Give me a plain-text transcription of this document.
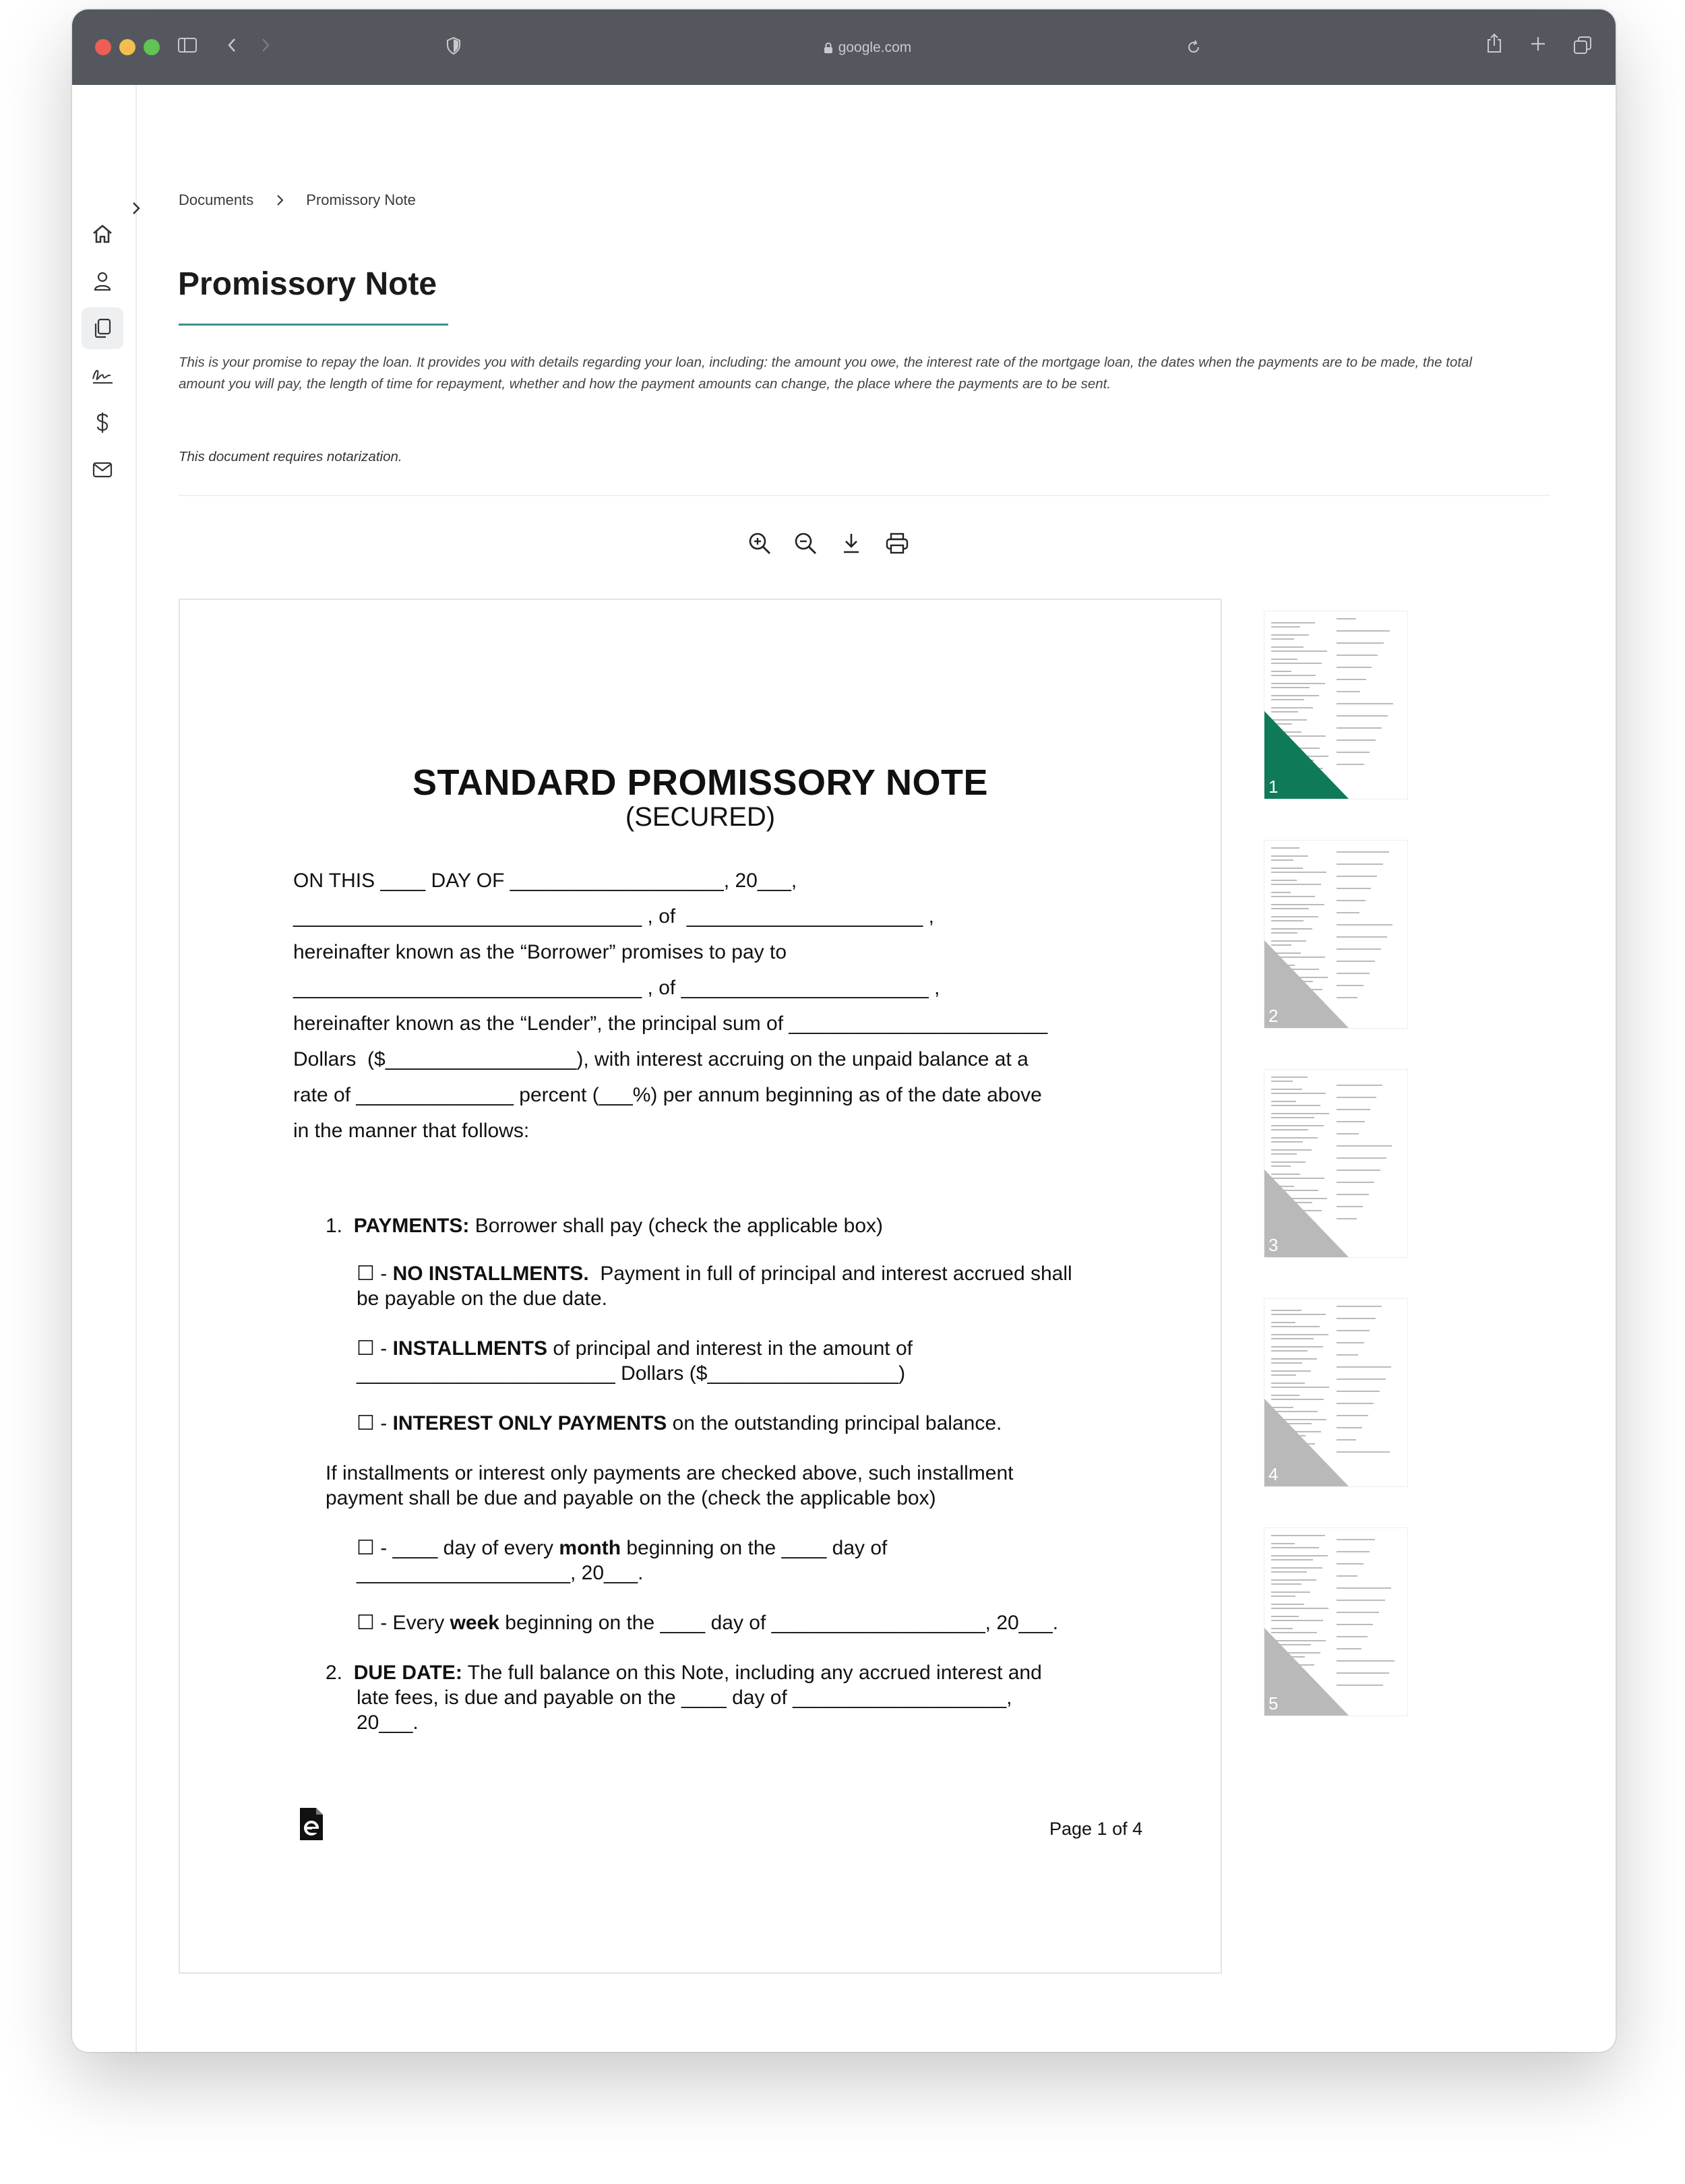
google.com
Documents	Promissory Note
Promissory Note

This is your promise to repay the loan. It provides you with details regarding your loan, including: the amount you owe, the interest rate of the mortgage loan, the dates when the payments are to be made, the total amount you will pay, the length of time for repayment, whether and how the payment amounts can change, the place where the payments are to be sent.

This document requires notarization.

STANDARD PROMISSORY NOTE
(SECURED)
ON THIS ____ DAY OF ___________________, 20___,
_______________________________ , of  _____________________ ,
hereinafter known as the “Borrower” promises to pay to
_______________________________ , of ______________________ ,
hereinafter known as the “Lender”, the principal sum of _______________________
Dollars  ($_________________), with interest accruing on the unpaid balance at a
rate of ______________ percent (___%) per annum beginning as of the date above
in the manner that follows:
1. PAYMENTS: Borrower shall pay (check the applicable box)
☐ - NO INSTALLMENTS.  Payment in full of principal and interest accrued shall
be payable on the due date.
☐ - INSTALLMENTS of principal and interest in the amount of
_______________________ Dollars ($_________________)
☐ - INTEREST ONLY PAYMENTS on the outstanding principal balance.
If installments or interest only payments are checked above, such installment
payment shall be due and payable on the (check the applicable box)
☐ - ____ day of every month beginning on the ____ day of
___________________, 20___.
☐ - Every week beginning on the ____ day of ___________________, 20___.
2. DUE DATE: The full balance on this Note, including any accrued interest and
late fees, is due and payable on the ____ day of ___________________,
20___.
Page 1 of 4
1
2
3
4
5
